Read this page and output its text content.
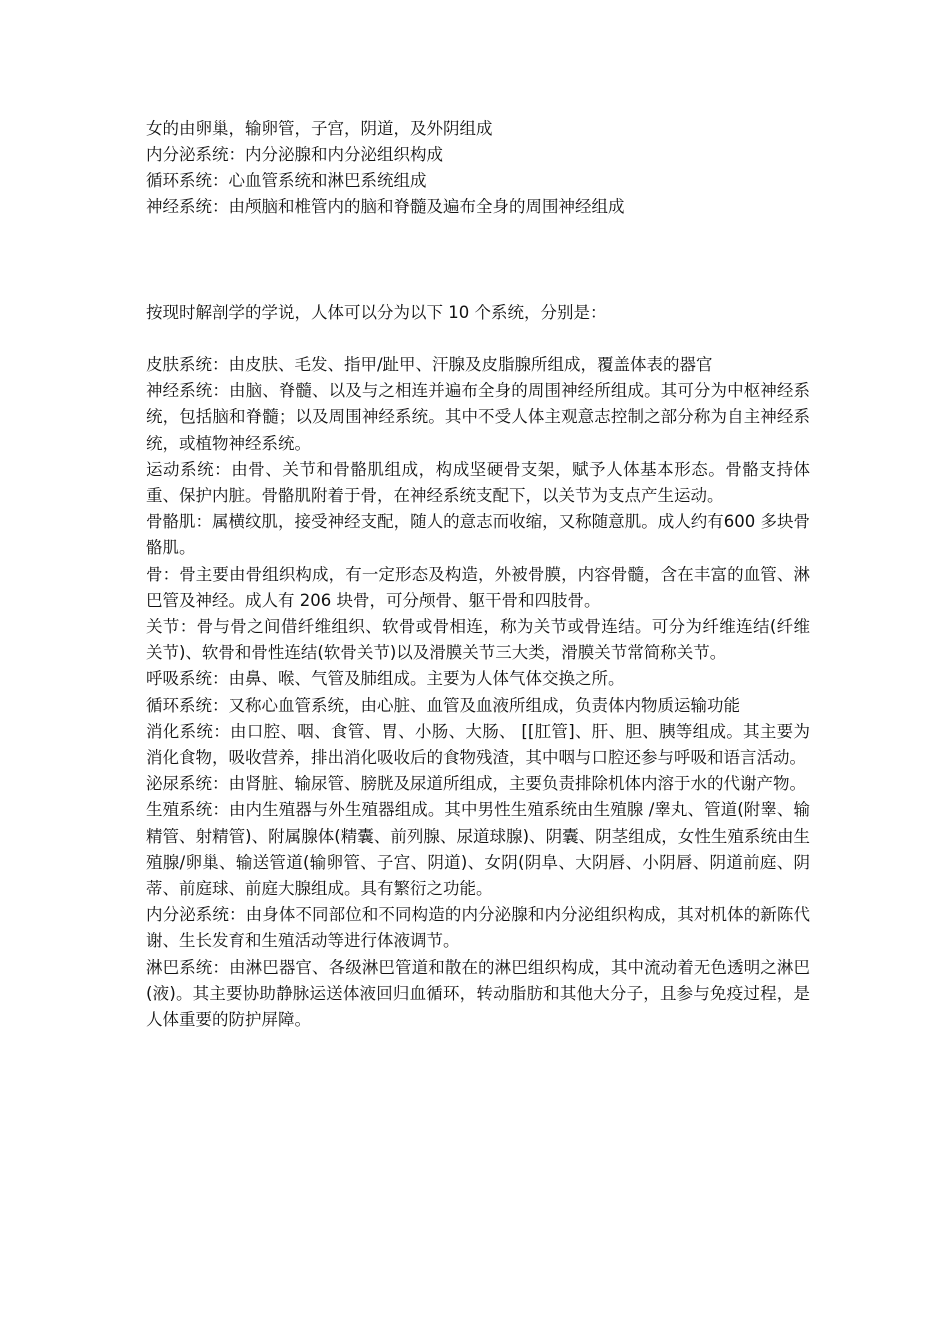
女的由卵巢，输卵管，子宫，阴道，及外阴组成
内分泌系统：内分泌腺和内分泌组织构成
循环系统：心血管系统和淋巴系统组成
神经系统：由颅脑和椎管内的脑和脊髓及遍布全身的周围神经组成
按现时解剖学的学说，人体可以分为以下 10 个系统，分别是：

皮肤系统：由皮肤、毛发、指甲/趾甲、汗腺及皮脂腺所组成，覆盖体表的器官

神经系统：由脑、脊髓、以及与之相连并遍布全身的周围神经所组成。其可分为中枢神经系统，包括脑和脊髓；以及周围神经系统。其中不受人体主观意志控制之部分称为自主神经系统，或植物神经系统。

运动系统：由骨、关节和骨骼肌组成，构成坚硬骨支架，赋予人体基本形态。骨骼支持体重、保护内脏。骨骼肌附着于骨，在神经系统支配下，以关节为支点产生运动。

骨骼肌：属横纹肌，接受神经支配，随人的意志而收缩，又称随意肌。成人约有600 多块骨骼肌。

骨：骨主要由骨组织构成，有一定形态及构造，外被骨膜，内容骨髓，含在丰富的血管、淋巴管及神经。成人有 206 块骨，可分颅骨、躯干骨和四肢骨。

关节：骨与骨之间借纤维组织、软骨或骨相连，称为关节或骨连结。可分为纤维连结(纤维关节)、软骨和骨性连结(软骨关节)以及滑膜关节三大类，滑膜关节常简称关节。

呼吸系统：由鼻、喉、气管及肺组成。主要为人体气体交换之所。

循环系统：又称心血管系统，由心脏、血管及血液所组成，负责体内物质运输功能

消化系统：由口腔、咽、食管、胃、小肠、大肠、 [[肛管]、肝、胆、胰等组成。其主要为消化食物，吸收营养，排出消化吸收后的食物残渣，其中咽与口腔还参与呼吸和语言活动。

泌尿系统：由肾脏、输尿管、膀胱及尿道所组成，主要负责排除机体内溶于水的代谢产物。

生殖系统：由内生殖器与外生殖器组成。其中男性生殖系统由生殖腺 /睾丸、管道(附睾、输精管、射精管)、附属腺体(精囊、前列腺、尿道球腺)、阴囊、阴茎组成，女性生殖系统由生殖腺/卵巢、输送管道(输卵管、子宫、阴道)、女阴(阴阜、大阴唇、小阴唇、阴道前庭、阴蒂、前庭球、前庭大腺组成。具有繁衍之功能。

内分泌系统：由身体不同部位和不同构造的内分泌腺和内分泌组织构成，其对机体的新陈代谢、生长发育和生殖活动等进行体液调节。

淋巴系统：由淋巴器官、各级淋巴管道和散在的淋巴组织构成，其中流动着无色透明之淋巴(液)。其主要协助静脉运送体液回归血循环，转动脂肪和其他大分子，且参与免疫过程，是人体重要的防护屏障。
